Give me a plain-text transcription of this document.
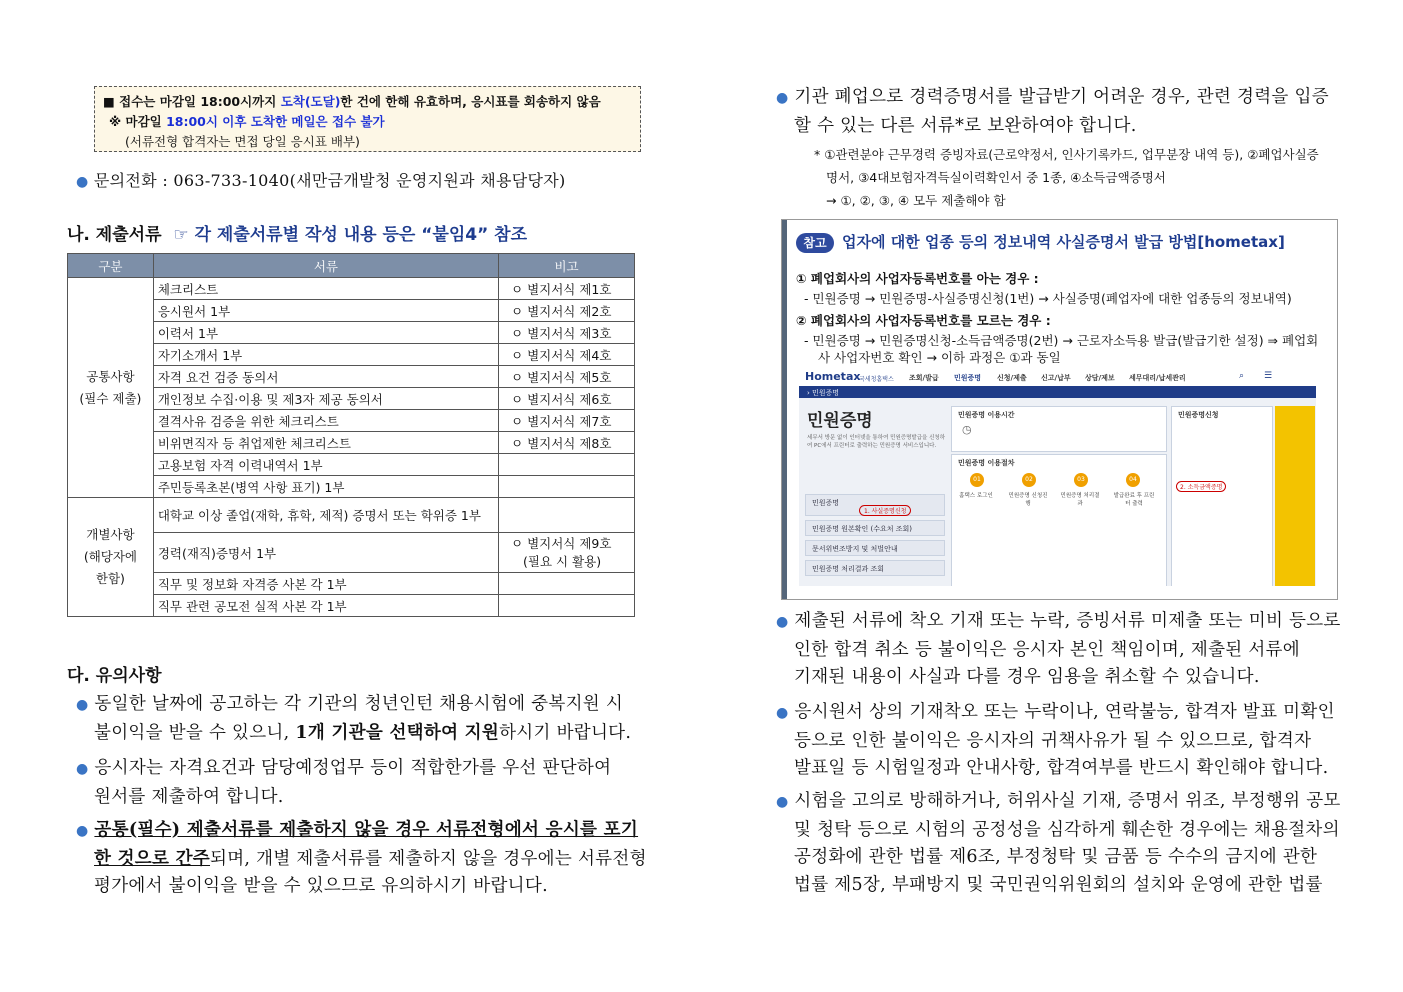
■ 접수는 마감일 18:00시까지 도착(도달)한 건에 한해 유효하며, 응시표를 회송하지 않음
※ 마감일 18:00시 이후 도착한 메일은 접수 불가
(서류전형 합격자는 면접 당일 응시표 배부)
● 문의전화 : 063-733-1040(새만금개발청 운영지원과 채용담당자)
나. 제출서류 ☞ 각 제출서류별 작성 내용 등은 “붙임4” 참조
구분	서류	비고

공통사항
(필수 제출)	체크리스트	ㅇ 별지서식 제1호
	응시원서 1부	ㅇ 별지서식 제2호
	이력서 1부	ㅇ 별지서식 제3호
	자기소개서 1부	ㅇ 별지서식 제4호
	자격 요건 검증 동의서	ㅇ 별지서식 제5호
	개인정보 수집·이용 및 제3자 제공 동의서	ㅇ 별지서식 제6호
	결격사유 검증을 위한 체크리스트	ㅇ 별지서식 제7호
	비위면직자 등 취업제한 체크리스트	ㅇ 별지서식 제8호
	고용보험 자격 이력내역서 1부	
	주민등록초본(병역 사항 표기) 1부	

개별사항
(해당자에
한함)	대학교 이상 졸업(재학, 휴학, 제적) 증명서 또는 학위증 1부	
	경력(재직)증명서 1부	ㅇ 별지서식 제9호
(필요 시 활용)

	직무 및 정보화 자격증 사본 각 1부	
	직무 관련 공모전 실적 사본 각 1부	
다. 유의사항
● 동일한 날짜에 공고하는 각 기관의 청년인턴 채용시험에 중복지원 시
불이익을 받을 수 있으니, 1개 기관을 선택하여 지원하시기 바랍니다.
● 응시자는 자격요건과 담당예정업무 등이 적합한가를 우선 판단하여
원서를 제출하여 합니다.
● 공통(필수) 제출서류를 제출하지 않을 경우 서류전형에서 응시를 포기
한 것으로 간주되며, 개별 제출서류를 제출하지 않을 경우에는 서류전형
평가에서 불이익을 받을 수 있으므로 유의하시기 바랍니다.
● 기관 폐업으로 경력증명서를 발급받기 어려운 경우, 관련 경력을 입증
할 수 있는 다른 서류*로 보완하여야 합니다.
* ①관련분야 근무경력 증빙자료(근로약정서, 인사기록카드, 업무분장 내역 등), ②폐업사실증
명서, ③4대보험자격득실이력확인서 중 1종, ④소득금액증명서
→ ①, ②, ③, ④ 모두 제출해야 함
참고	업자에 대한 업종 등의 정보내역 사실증명서 발급 방법[hometax]
① 폐업회사의 사업자등록번호를 아는 경우 :
- 민원증명 → 민원증명-사실증명신청(1번) → 사실증명(폐업자에 대한 업종등의 정보내역)
② 폐업회사의 사업자등록번호를 모르는 경우 :
- 민원증명 → 민원증명신청-소득금액증명(2번) → 근로자소득용 발급(발급기한 설정) ⇒ 폐업회
사 사업자번호 확인 → 이하 과정은 ①과 동일
Hometax
국세청홈택스 조회/발급 민원증명 신청/제출 신고/납부 상담/제보 세무대리/납세관리	⌕ ☰
› 민원증명
민원증명
세무서 방문 없이 인터넷을 통하여 민원증명발급을 신청하여 PC에서 프린터로 출력하는 민원증명 서비스입니다.
민원증명
민원증명 원본확인 (수요처 조회)
문서위변조방지 및 처벌안내
민원증명 처리결과 조회
1. 사실증명신청
민원증명 이용시간
◷
민원증명 이용절차
01	02	03	04
홈택스 로그인	민원증명 신청진행
민원증명 처리결과
발급완료 후 프린터 출력
민원증명신청
2. 소득금액증명
● 제출된 서류에 착오 기재 또는 누락, 증빙서류 미제출 또는 미비 등으로
인한 합격 취소 등 불이익은 응시자 본인 책임이며, 제출된 서류에
기재된 내용이 사실과 다를 경우 임용을 취소할 수 있습니다.
● 응시원서 상의 기재착오 또는 누락이나, 연락불능, 합격자 발표 미확인
등으로 인한 불이익은 응시자의 귀책사유가 될 수 있으므로, 합격자
발표일 등 시험일정과 안내사항, 합격여부를 반드시 확인해야 합니다.
● 시험을 고의로 방해하거나, 허위사실 기재, 증명서 위조, 부정행위 공모
및 청탁 등으로 시험의 공정성을 심각하게 훼손한 경우에는 채용절차의
공정화에 관한 법률 제6조, 부정청탁 및 금품 등 수수의 금지에 관한
법률 제5장, 부패방지 및 국민권익위원회의 설치와 운영에 관한 법률
